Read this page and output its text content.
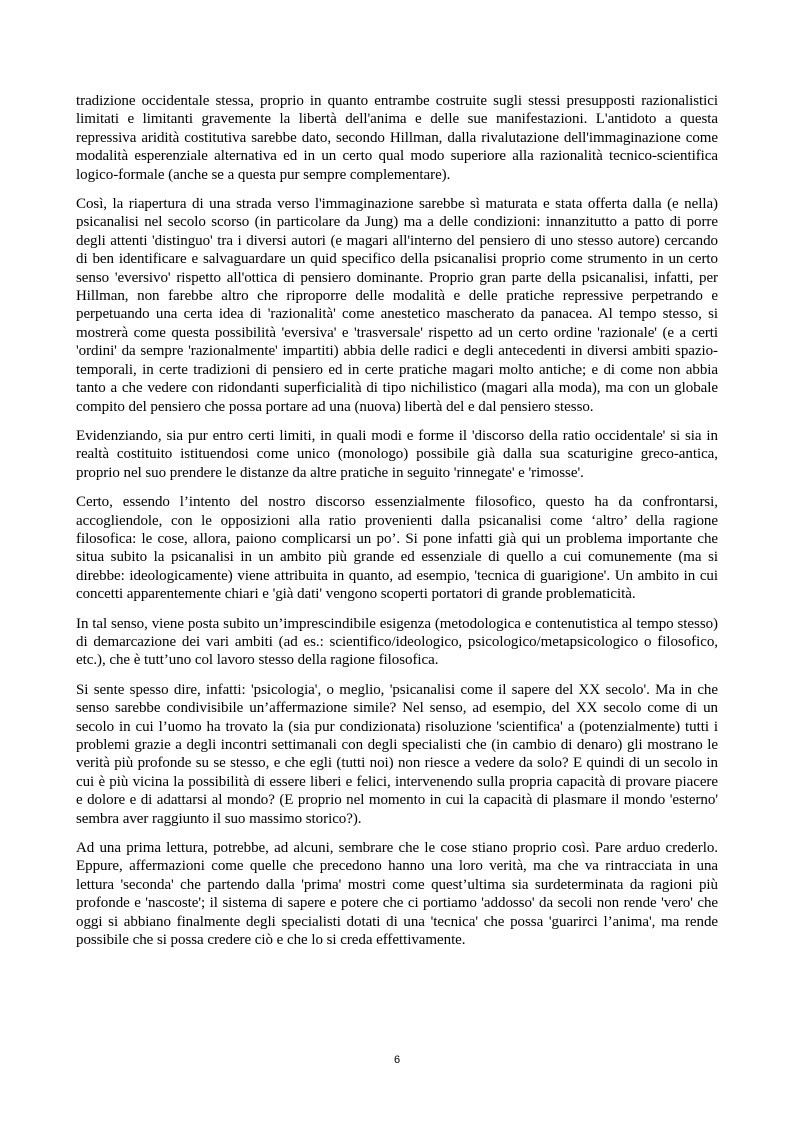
tradizione occidentale stessa, proprio in quanto entrambe costruite sugli stessi presupposti razionalistici limitati e limitanti gravemente la libertà dell'anima e delle sue manifestazioni. L'antidoto a questa repressiva aridità costitutiva sarebbe dato, secondo Hillman, dalla rivalutazione dell'immaginazione come modalità esperenziale alternativa ed in un certo qual modo superiore alla razionalità tecnico-scientifica logico-formale (anche se a questa pur sempre complementare).

Così, la riapertura di una strada verso l'immaginazione sarebbe sì maturata e stata offerta dalla (e nella) psicanalisi nel secolo scorso (in particolare da Jung) ma a delle condizioni: innanzitutto a patto di porre degli attenti 'distinguo' tra i diversi autori (e magari all'interno del pensiero di uno stesso autore) cercando di ben identificare e salvaguardare un quid specifico della psicanalisi proprio come strumento in un certo senso 'eversivo' rispetto all'ottica di pensiero dominante. Proprio gran parte della psicanalisi, infatti, per Hillman, non farebbe altro che riproporre delle modalità e delle pratiche repressive perpetrando e perpetuando una certa idea di 'razionalità' come anestetico mascherato da panacea. Al tempo stesso, si mostrerà come questa possibilità 'eversiva' e 'trasversale' rispetto ad un certo ordine 'razionale' (e a certi 'ordini' da sempre 'razionalmente' impartiti) abbia delle radici e degli antecedenti in diversi ambiti spazio-temporali, in certe tradizioni di pensiero ed in certe pratiche magari molto antiche; e di come non abbia tanto a che vedere con ridondanti superficialità di tipo nichilistico (magari alla moda), ma con un globale compito del pensiero che possa portare ad una (nuova) libertà del e dal pensiero stesso.

Evidenziando, sia pur entro certi limiti, in quali modi e forme il 'discorso della ratio occidentale' si sia in realtà costituito istituendosi come unico (monologo) possibile già dalla sua scaturigine greco-antica, proprio nel suo prendere le distanze da altre pratiche in seguito 'rinnegate' e 'rimosse'.

Certo, essendo l’intento del nostro discorso essenzialmente filosofico, questo ha da confrontarsi, accogliendole, con le opposizioni alla ratio provenienti dalla psicanalisi come ‘altro’ della ragione filosofica: le cose, allora, paiono complicarsi un po’. Si pone infatti già qui un problema importante che situa subito la psicanalisi in un ambito più grande ed essenziale di quello a cui comunemente (ma si direbbe: ideologicamente) viene attribuita in quanto, ad esempio, 'tecnica di guarigione'. Un ambito in cui concetti apparentemente chiari e 'già dati' vengono scoperti portatori di grande problematicità.

In tal senso, viene posta subito un’imprescindibile esigenza (metodologica e contenutistica al tempo stesso) di demarcazione dei vari ambiti (ad es.: scientifico/ideologico, psicologico/metapsicologico o filosofico, etc.), che è tutt’uno col lavoro stesso della ragione filosofica.

Si sente spesso dire, infatti: 'psicologia', o meglio, 'psicanalisi come il sapere del XX secolo'. Ma in che senso sarebbe condivisibile un’affermazione simile? Nel senso, ad esempio, del XX secolo come di un secolo in cui l’uomo ha trovato la (sia pur condizionata) risoluzione 'scientifica' a (potenzialmente) tutti i problemi grazie a degli incontri settimanali con degli specialisti che (in cambio di denaro) gli mostrano le verità più profonde su se stesso, e che egli (tutti noi) non riesce a vedere da solo? E quindi di un secolo in cui è più vicina la possibilità di essere liberi e felici, intervenendo sulla propria capacità di provare piacere e dolore e di adattarsi al mondo? (E proprio nel momento in cui la capacità di plasmare il mondo 'esterno' sembra aver raggiunto il suo massimo storico?).

Ad una prima lettura, potrebbe, ad alcuni, sembrare che le cose stiano proprio così. Pare arduo crederlo. Eppure, affermazioni come quelle che precedono hanno una loro verità, ma che va rintracciata in una lettura 'seconda' che partendo dalla 'prima' mostri come quest’ultima sia surdeterminata da ragioni più profonde e 'nascoste'; il sistema di sapere e potere che ci portiamo 'addosso' da secoli non rende 'vero' che oggi si abbiano finalmente degli specialisti dotati di una 'tecnica' che possa 'guarirci l’anima', ma rende possibile che si possa credere ciò e che lo si creda effettivamente.

6
